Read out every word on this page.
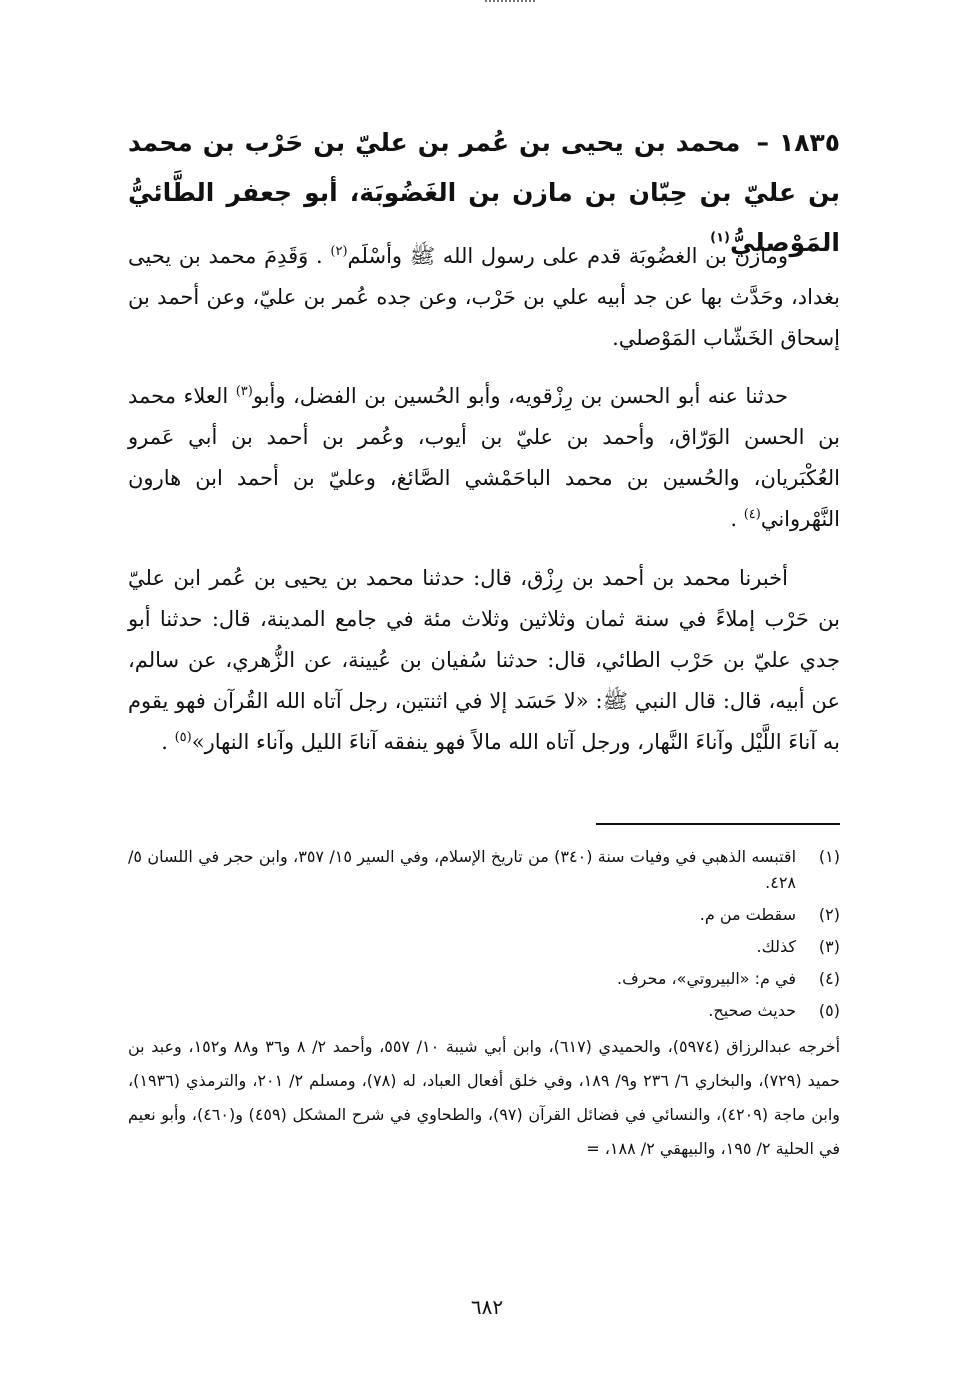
١٨٣٥ – محمد بن يحيى بن عُمر بن عليّ بن حَرْب بن محمد بن عليّ بن حِبّان بن مازن بن الغَضُوبَة، أبو جعفر الطَّائيُّ المَوْصليُّ$^{(١)}$

ومازن بن الغضُوبَة قدم على رسول الله ﷺ وأسْلَم$^{(٢)}$ . وَقَدِمَ محمد بن يحيى بغداد، وحَدَّث بها عن جد أبيه علي بن حَرْب، وعن جده عُمر بن عليّ، وعن أحمد بن إسحاق الخَشّاب المَوْصلي.

حدثنا عنه أبو الحسن بن رِزْقويه، وأبو الحُسين بن الفضل، وأبو$^{(٣)}$ العلاء محمد بن الحسن الوَرّاق، وأحمد بن عليّ بن أيوب، وعُمر بن أحمد بن أبي عَمرو العُكْبَريان، والحُسين بن محمد الباحَمْشي الصَّائغ، وعليّ بن أحمد ابن هارون النَّهْرواني$^{(٤)}$ .

أخبرنا محمد بن أحمد بن رِزْق، قال: حدثنا محمد بن يحيى بن عُمر ابن عليّ بن حَرْب إملاءً في سنة ثمان وثلاثين وثلاث مئة في جامع المدينة، قال: حدثنا أبو جدي عليّ بن حَرْب الطائي، قال: حدثنا سُفيان بن عُيينة، عن الزُّهري، عن سالم، عن أبيه، قال: قال النبي ﷺ: «لا حَسَد إلا في اثنتين، رجل آتاه الله القُرآن فهو يقوم به آناءَ اللَّيْل وآناءَ النَّهار، ورجل آتاه الله مالاً فهو ينفقه آناءَ الليل وآناء النهار»$^{(٥)}$ .

(١)
اقتبسه الذهبي في وفيات سنة (٣٤٠) من تاريخ الإسلام، وفي السير ١٥/ ٣٥٧، وابن حجر في اللسان ٥/ ٤٢٨.
(٢)
سقطت من م.
(٣)
كذلك.
(٤)
في م: «البيروتي»، محرف.
(٥)
حديث صحيح.
أخرجه عبدالرزاق (٥٩٧٤)، والحميدي (٦١٧)، وابن أبي شيبة ١٠/ ٥٥٧، وأحمد ٢/ ٨ و٣٦ و٨٨ و١٥٢، وعبد بن حميد (٧٢٩)، والبخاري ٦/ ٢٣٦ و٩/ ١٨٩، وفي خلق أفعال العباد، له (٧٨)، ومسلم ٢/ ٢٠١، والترمذي (١٩٣٦)، وابن ماجة (٤٢٠٩)، والنسائي في فضائل القرآن (٩٧)، والطحاوي في شرح المشكل (٤٥٩) و(٤٦٠)، وأبو نعيم في الحلية ٢/ ١٩٥، والبيهقي ٢/ ١٨٨، =
٦٨٢
